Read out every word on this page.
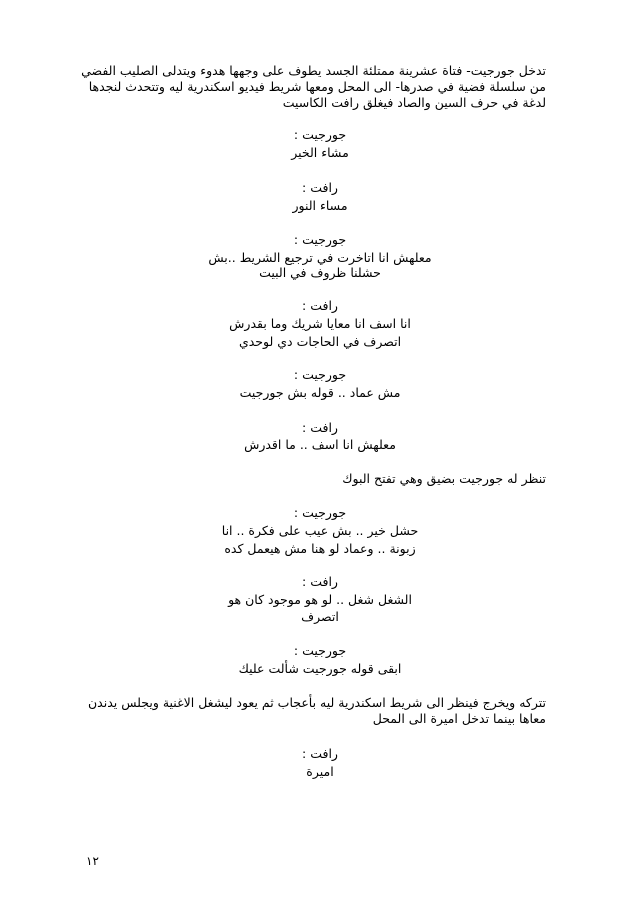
تدخل جورجيت- فتاة عشرينة ممتلئة الجسد يطوف على وجهها هدوء ويتدلى الصليب الفضي
من سلسلة فضية في صدرها- الى المحل ومعها شريط فيديو اسكندرية ليه وتتحدث لنجدها
لدغة في حرف السين والصاد فيغلق رافت الكاسيت
جورجيت :
مشاء الخير
رافت :
مساء النور
جورجيت :
معلهش انا اتاخرت في ترجيع الشريط ..بش
حشلنا ظروف في البيت
رافت :
انا اسف انا معايا شريك وما بقدرش
اتصرف في الحاجات دي لوحدي
جورجيت :
مش عماد .. قوله بش جورجيت
رافت :
معلهش انا اسف .. ما اقدرش
تنظر له جورجيت بضيق وهي تفتح البوك
جورجيت :
حشل خير .. بش عيب على فكرة .. انا
زبونة .. وعماد لو هنا مش هيعمل كده
رافت :
الشغل شغل .. لو هو موجود كان هو
اتصرف
جورجيت :
ابقى قوله جورجيت شألت عليك
تتركه ويخرج فينظر الى شريط اسكندرية ليه بأعجاب ثم يعود ليشغل الاغنية ويجلس يدندن
معاها بينما تدخل اميرة الى المحل
رافت :
اميرة
١٢
